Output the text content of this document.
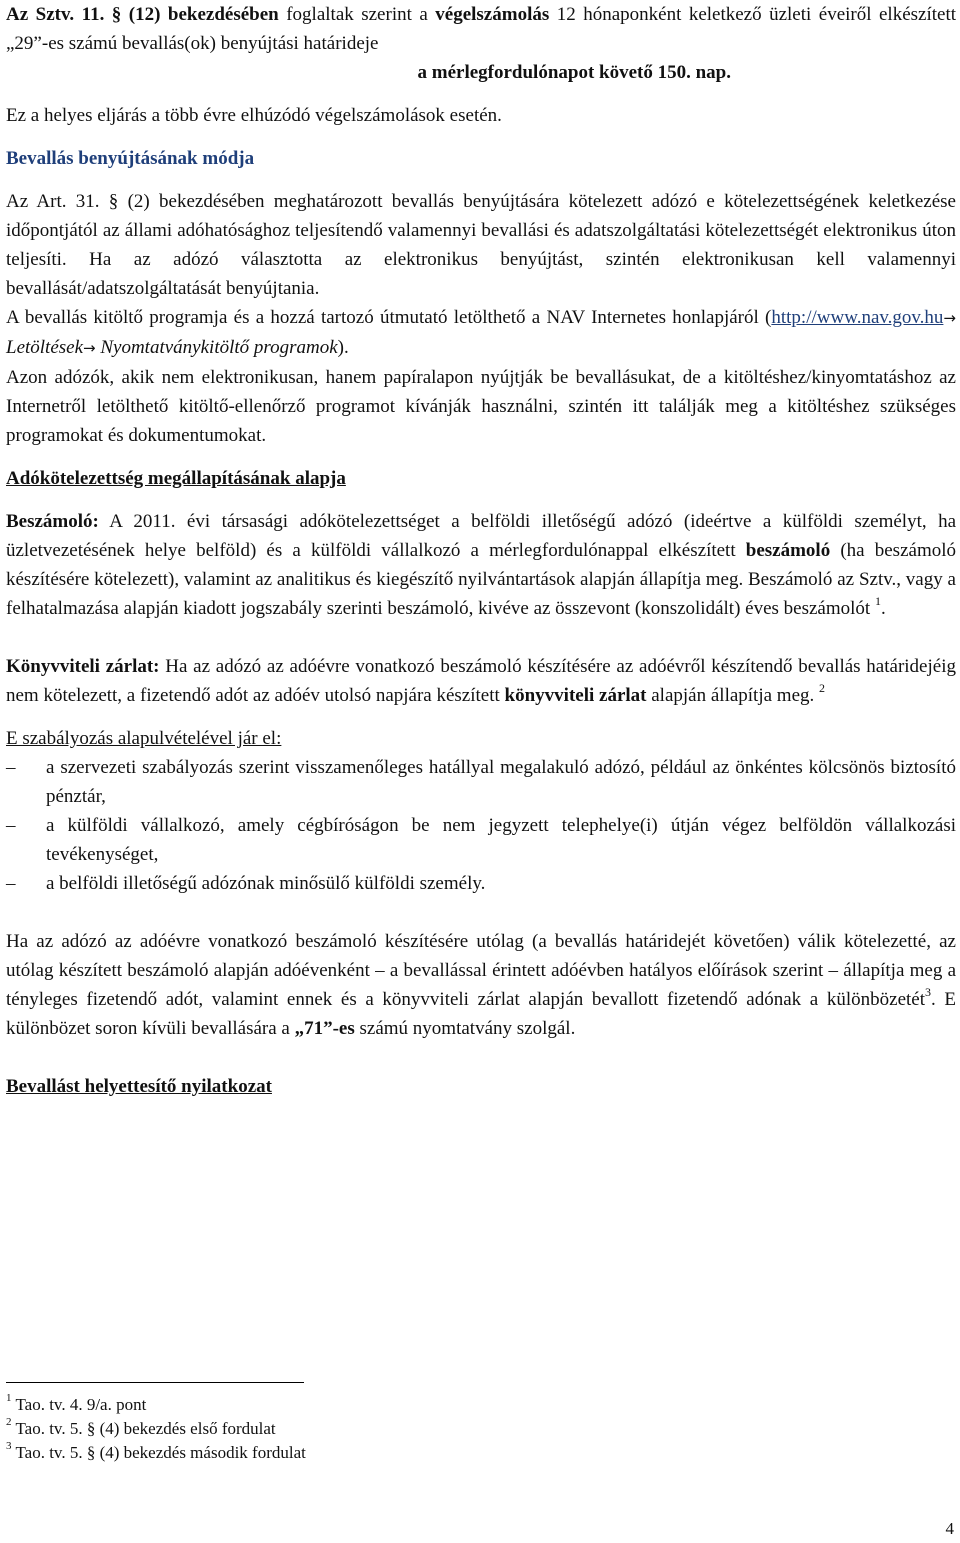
Az Sztv. 11. § (12) bekezdésében foglaltak szerint a végelszámolás 12 hónaponként keletkező üzleti éveiről elkészített „29”-es számú bevallás(ok) benyújtási határideje

a mérlegfordulónapot követő 150. nap.

Ez a helyes eljárás a több évre elhúzódó végelszámolások esetén.

Bevallás benyújtásának módja

Az Art. 31. § (2) bekezdésében meghatározott bevallás benyújtására kötelezett adózó e kötelezettségének keletkezése időpontjától az állami adóhatósághoz teljesítendő valamennyi bevallási és adatszolgáltatási kötelezettségét elektronikus úton teljesíti. Ha az adózó választotta az elektronikus benyújtást, szintén elektronikusan kell valamennyi bevallását/adatszolgáltatását benyújtania.

A bevallás kitöltő programja és a hozzá tartozó útmutató letölthető a NAV Internetes honlapjáról (http://www.nav.gov.hu→ Letöltések→ Nyomtatványkitöltő programok).

Azon adózók, akik nem elektronikusan, hanem papíralapon nyújtják be bevallásukat, de a kitöltéshez/kinyomtatáshoz az Internetről letölthető kitöltő-ellenőrző programot kívánják használni, szintén itt találják meg a kitöltéshez szükséges programokat és dokumentumokat.

Adókötelezettség megállapításának alapja

Beszámoló: A 2011. évi társasági adókötelezettséget a belföldi illetőségű adózó (ideértve a külföldi személyt, ha üzletvezetésének helye belföld) és a külföldi vállalkozó a mérlegfordulónappal elkészített beszámoló (ha beszámoló készítésére kötelezett), valamint az analitikus és kiegészítő nyilvántartások alapján állapítja meg. Beszámoló az Sztv., vagy a felhatalmazása alapján kiadott jogszabály szerinti beszámoló, kivéve az összevont (konszolidált) éves beszámolót $^1$.

Könyvviteli zárlat: Ha az adózó az adóévre vonatkozó beszámoló készítésére az adóévről készítendő bevallás határidejéig nem kötelezett, a fizetendő adót az adóév utolsó napjára készített könyvviteli zárlat alapján állapítja meg. $^2$

E szabályozás alapulvételével jár el:

– a szervezeti szabályozás szerint visszamenőleges hatállyal megalakuló adózó, például az önkéntes kölcsönös biztosító pénztár,
– a külföldi vállalkozó, amely cégbíróságon be nem jegyzett telephelye(i) útján végez belföldön vállalkozási tevékenységet,
– a belföldi illetőségű adózónak minősülő külföldi személy.

Ha az adózó az adóévre vonatkozó beszámoló készítésére utólag (a bevallás határidejét követően) válik kötelezetté, az utólag készített beszámoló alapján adóévenként – a bevallással érintett adóévben hatályos előírások szerint – állapítja meg a tényleges fizetendő adót, valamint ennek és a könyvviteli zárlat alapján bevallott fizetendő adónak a különbözetét$^3$. E különbözet soron kívüli bevallására a „71”-es számú nyomtatvány szolgál.

Bevallást helyettesítő nyilatkozat

$^1$ Tao. tv. 4. 9/a. pont
$^2$ Tao. tv. 5. § (4) bekezdés első fordulat
$^3$ Tao. tv. 5. § (4) bekezdés második fordulat
4
